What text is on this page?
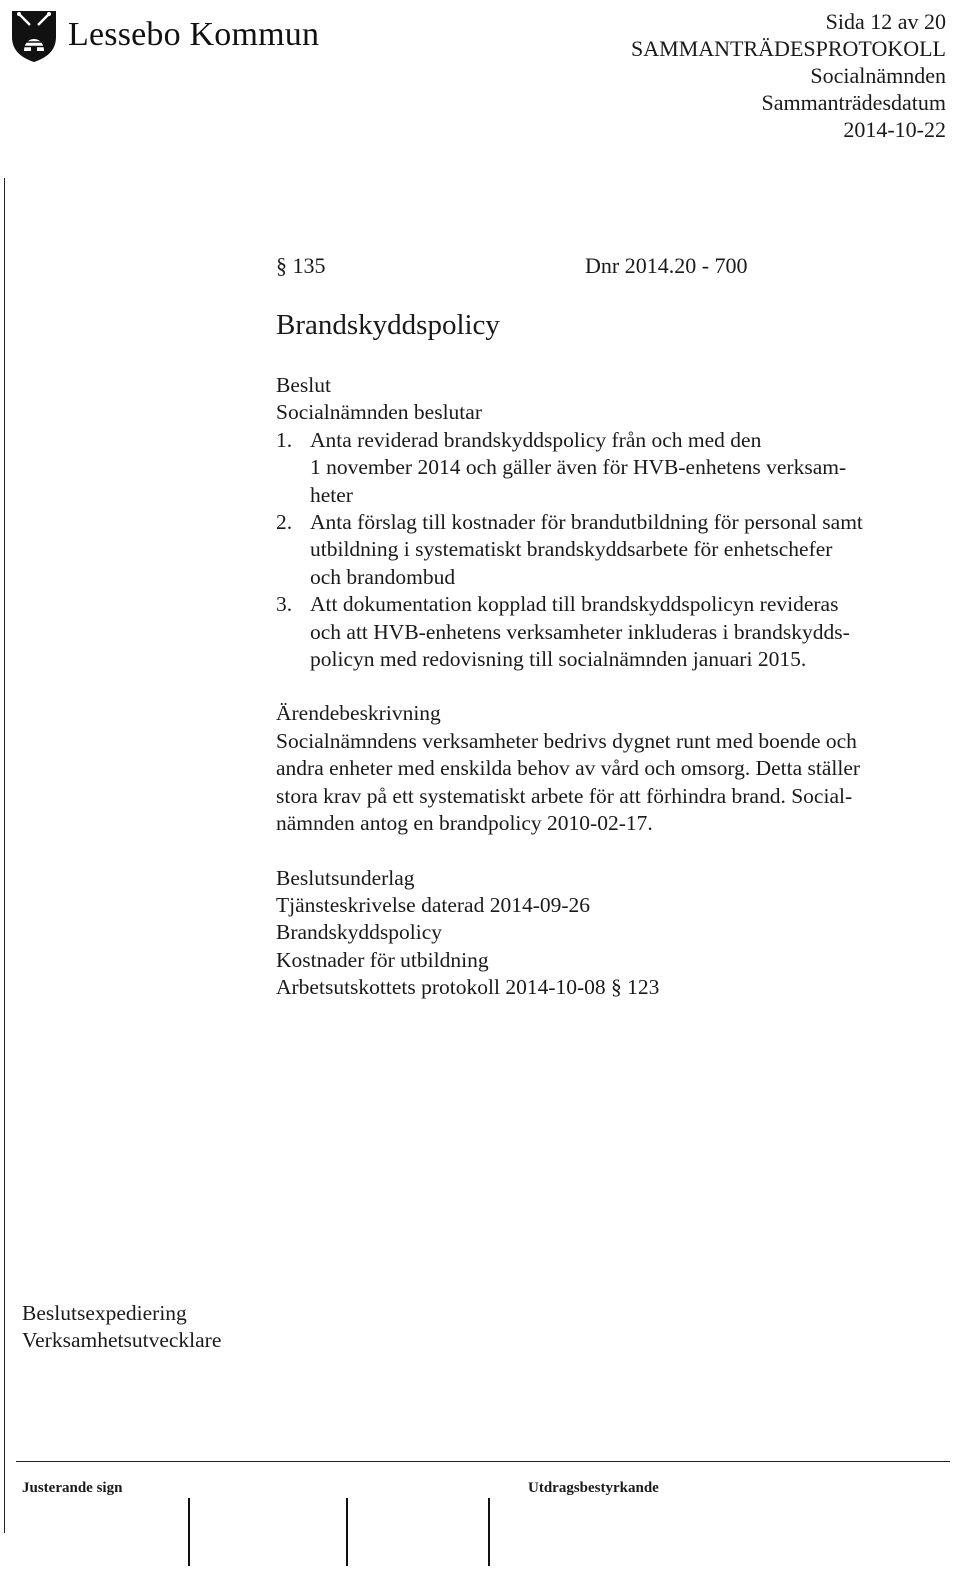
Lessebo Kommun	Sida 12 av 20
SAMMANTRÄDESPROTOKOLL
Socialnämnden
Sammanträdesdatum
2014-10-22
§ 135	Dnr 2014.20 - 700
Brandskyddspolicy

Beslut

Socialnämnden beslutar

1. Anta reviderad brandskyddspolicy från och med den
1 november 2014 och gäller även för HVB-enhetens verksam-
heter
2. Anta förslag till kostnader för brandutbildning för personal samt
utbildning i systematiskt brandskyddsarbete för enhetschefer
och brandombud
3. Att dokumentation kopplad till brandskyddspolicyn revideras
och att HVB-enhetens verksamheter inkluderas i brandskydds-
policyn med redovisning till socialnämnden januari 2015.

Ärendebeskrivning

Socialnämndens verksamheter bedrivs dygnet runt med boende och

andra enheter med enskilda behov av vård och omsorg. Detta ställer

stora krav på ett systematiskt arbete för att förhindra brand. Social-

nämnden antog en brandpolicy 2010-02-17.

Beslutsunderlag

Tjänsteskrivelse daterad 2014-09-26

Brandskyddspolicy

Kostnader för utbildning

Arbetsutskottets protokoll 2014-10-08 § 123

Beslutsexpediering
Verksamhetsutvecklare
Justerande sign	Utdragsbestyrkande
